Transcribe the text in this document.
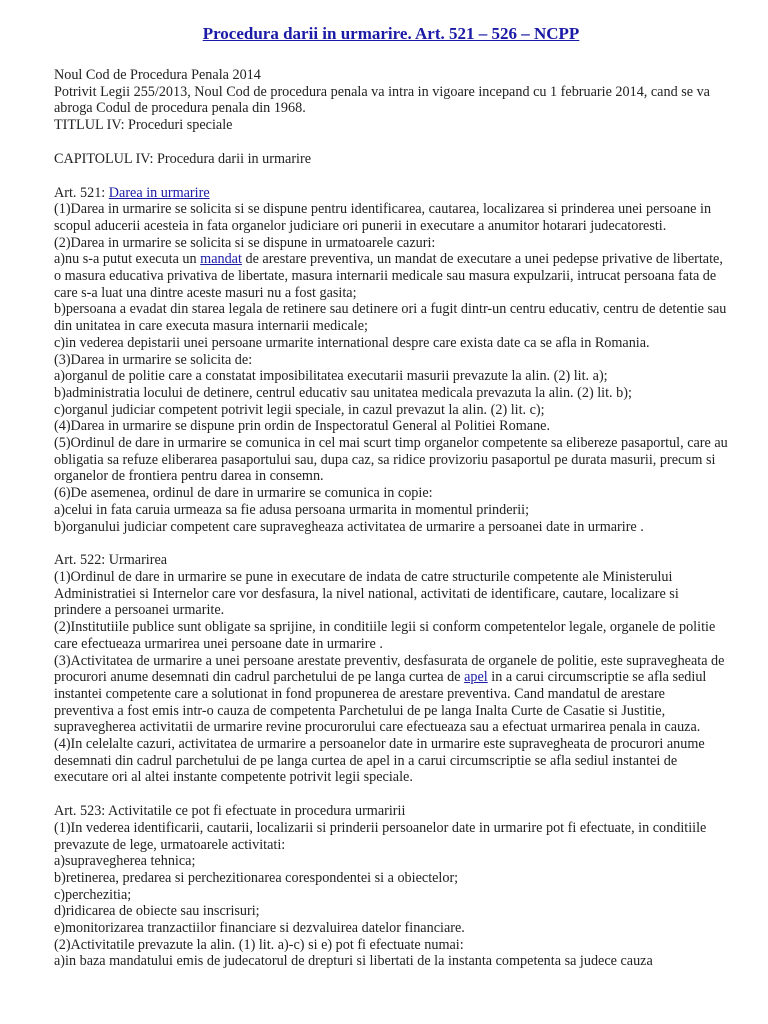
Procedura darii in urmarire. Art. 521 – 526 – NCPP

Noul Cod de Procedura Penala 2014

Potrivit Legii 255/2013, Noul Cod de procedura penala va intra in vigoare incepand cu 1 februarie 2014, cand se va abroga Codul de procedura penala din 1968.

TITLUL IV: Proceduri speciale

CAPITOLUL IV: Procedura darii in urmarire

Art. 521: Darea in urmarire

(1)Darea in urmarire se solicita si se dispune pentru identificarea, cautarea, localizarea si prinderea unei persoane in scopul aducerii acesteia in fata organelor judiciare ori punerii in executare a anumitor hotarari judecatoresti.

(2)Darea in urmarire se solicita si se dispune in urmatoarele cazuri:

a)nu s-a putut executa un mandat de arestare preventiva, un mandat de executare a unei pedepse privative de libertate, o masura educativa privativa de libertate, masura internarii medicale sau masura expulzarii, intrucat persoana fata de care s-a luat una dintre aceste masuri nu a fost gasita;

b)persoana a evadat din starea legala de retinere sau detinere ori a fugit dintr-un centru educativ, centru de detentie sau din unitatea in care executa masura internarii medicale;

c)in vederea depistarii unei persoane urmarite international despre care exista date ca se afla in Romania.

(3)Darea in urmarire se solicita de:

a)organul de politie care a constatat imposibilitatea executarii masurii prevazute la alin. (2) lit. a);

b)administratia locului de detinere, centrul educativ sau unitatea medicala prevazuta la alin. (2) lit. b);

c)organul judiciar competent potrivit legii speciale, in cazul prevazut la alin. (2) lit. c);

(4)Darea in urmarire se dispune prin ordin de Inspectoratul General al Politiei Romane.

(5)Ordinul de dare in urmarire se comunica in cel mai scurt timp organelor competente sa elibereze pasaportul, care au obligatia sa refuze eliberarea pasaportului sau, dupa caz, sa ridice provizoriu pasaportul pe durata masurii, precum si organelor de frontiera pentru darea in consemn.

(6)De asemenea, ordinul de dare in urmarire se comunica in copie:

a)celui in fata caruia urmeaza sa fie adusa persoana urmarita in momentul prinderii;

b)organului judiciar competent care supravegheaza activitatea de urmarire a persoanei date in urmarire .

Art. 522: Urmarirea

(1)Ordinul de dare in urmarire se pune in executare de indata de catre structurile competente ale Ministerului Administratiei si Internelor care vor desfasura, la nivel national, activitati de identificare, cautare, localizare si prindere a persoanei urmarite.

(2)Institutiile publice sunt obligate sa sprijine, in conditiile legii si conform competentelor legale, organele de politie care efectueaza urmarirea unei persoane date in urmarire .

(3)Activitatea de urmarire a unei persoane arestate preventiv, desfasurata de organele de politie, este supravegheata de procurori anume desemnati din cadrul parchetului de pe langa curtea de apel in a carui circumscriptie se afla sediul instantei competente care a solutionat in fond propunerea de arestare preventiva. Cand mandatul de arestare preventiva a fost emis intr-o cauza de competenta Parchetului de pe langa Inalta Curte de Casatie si Justitie, supravegherea activitatii de urmarire revine procurorului care efectueaza sau a efectuat urmarirea penala in cauza.

(4)In celelalte cazuri, activitatea de urmarire a persoanelor date in urmarire este supravegheata de procurori anume desemnati din cadrul parchetului de pe langa curtea de apel in a carui circumscriptie se afla sediul instantei de executare ori al altei instante competente potrivit legii speciale.

Art. 523: Activitatile ce pot fi efectuate in procedura urmaririi

(1)In vederea identificarii, cautarii, localizarii si prinderii persoanelor date in urmarire pot fi efectuate, in conditiile prevazute de lege, urmatoarele activitati:

a)supravegherea tehnica;

b)retinerea, predarea si perchezitionarea corespondentei si a obiectelor;

c)perchezitia;

d)ridicarea de obiecte sau inscrisuri;

e)monitorizarea tranzactiilor financiare si dezvaluirea datelor financiare.

(2)Activitatile prevazute la alin. (1) lit. a)-c) si e) pot fi efectuate numai:

a)in baza mandatului emis de judecatorul de drepturi si libertati de la instanta competenta sa judece cauza
